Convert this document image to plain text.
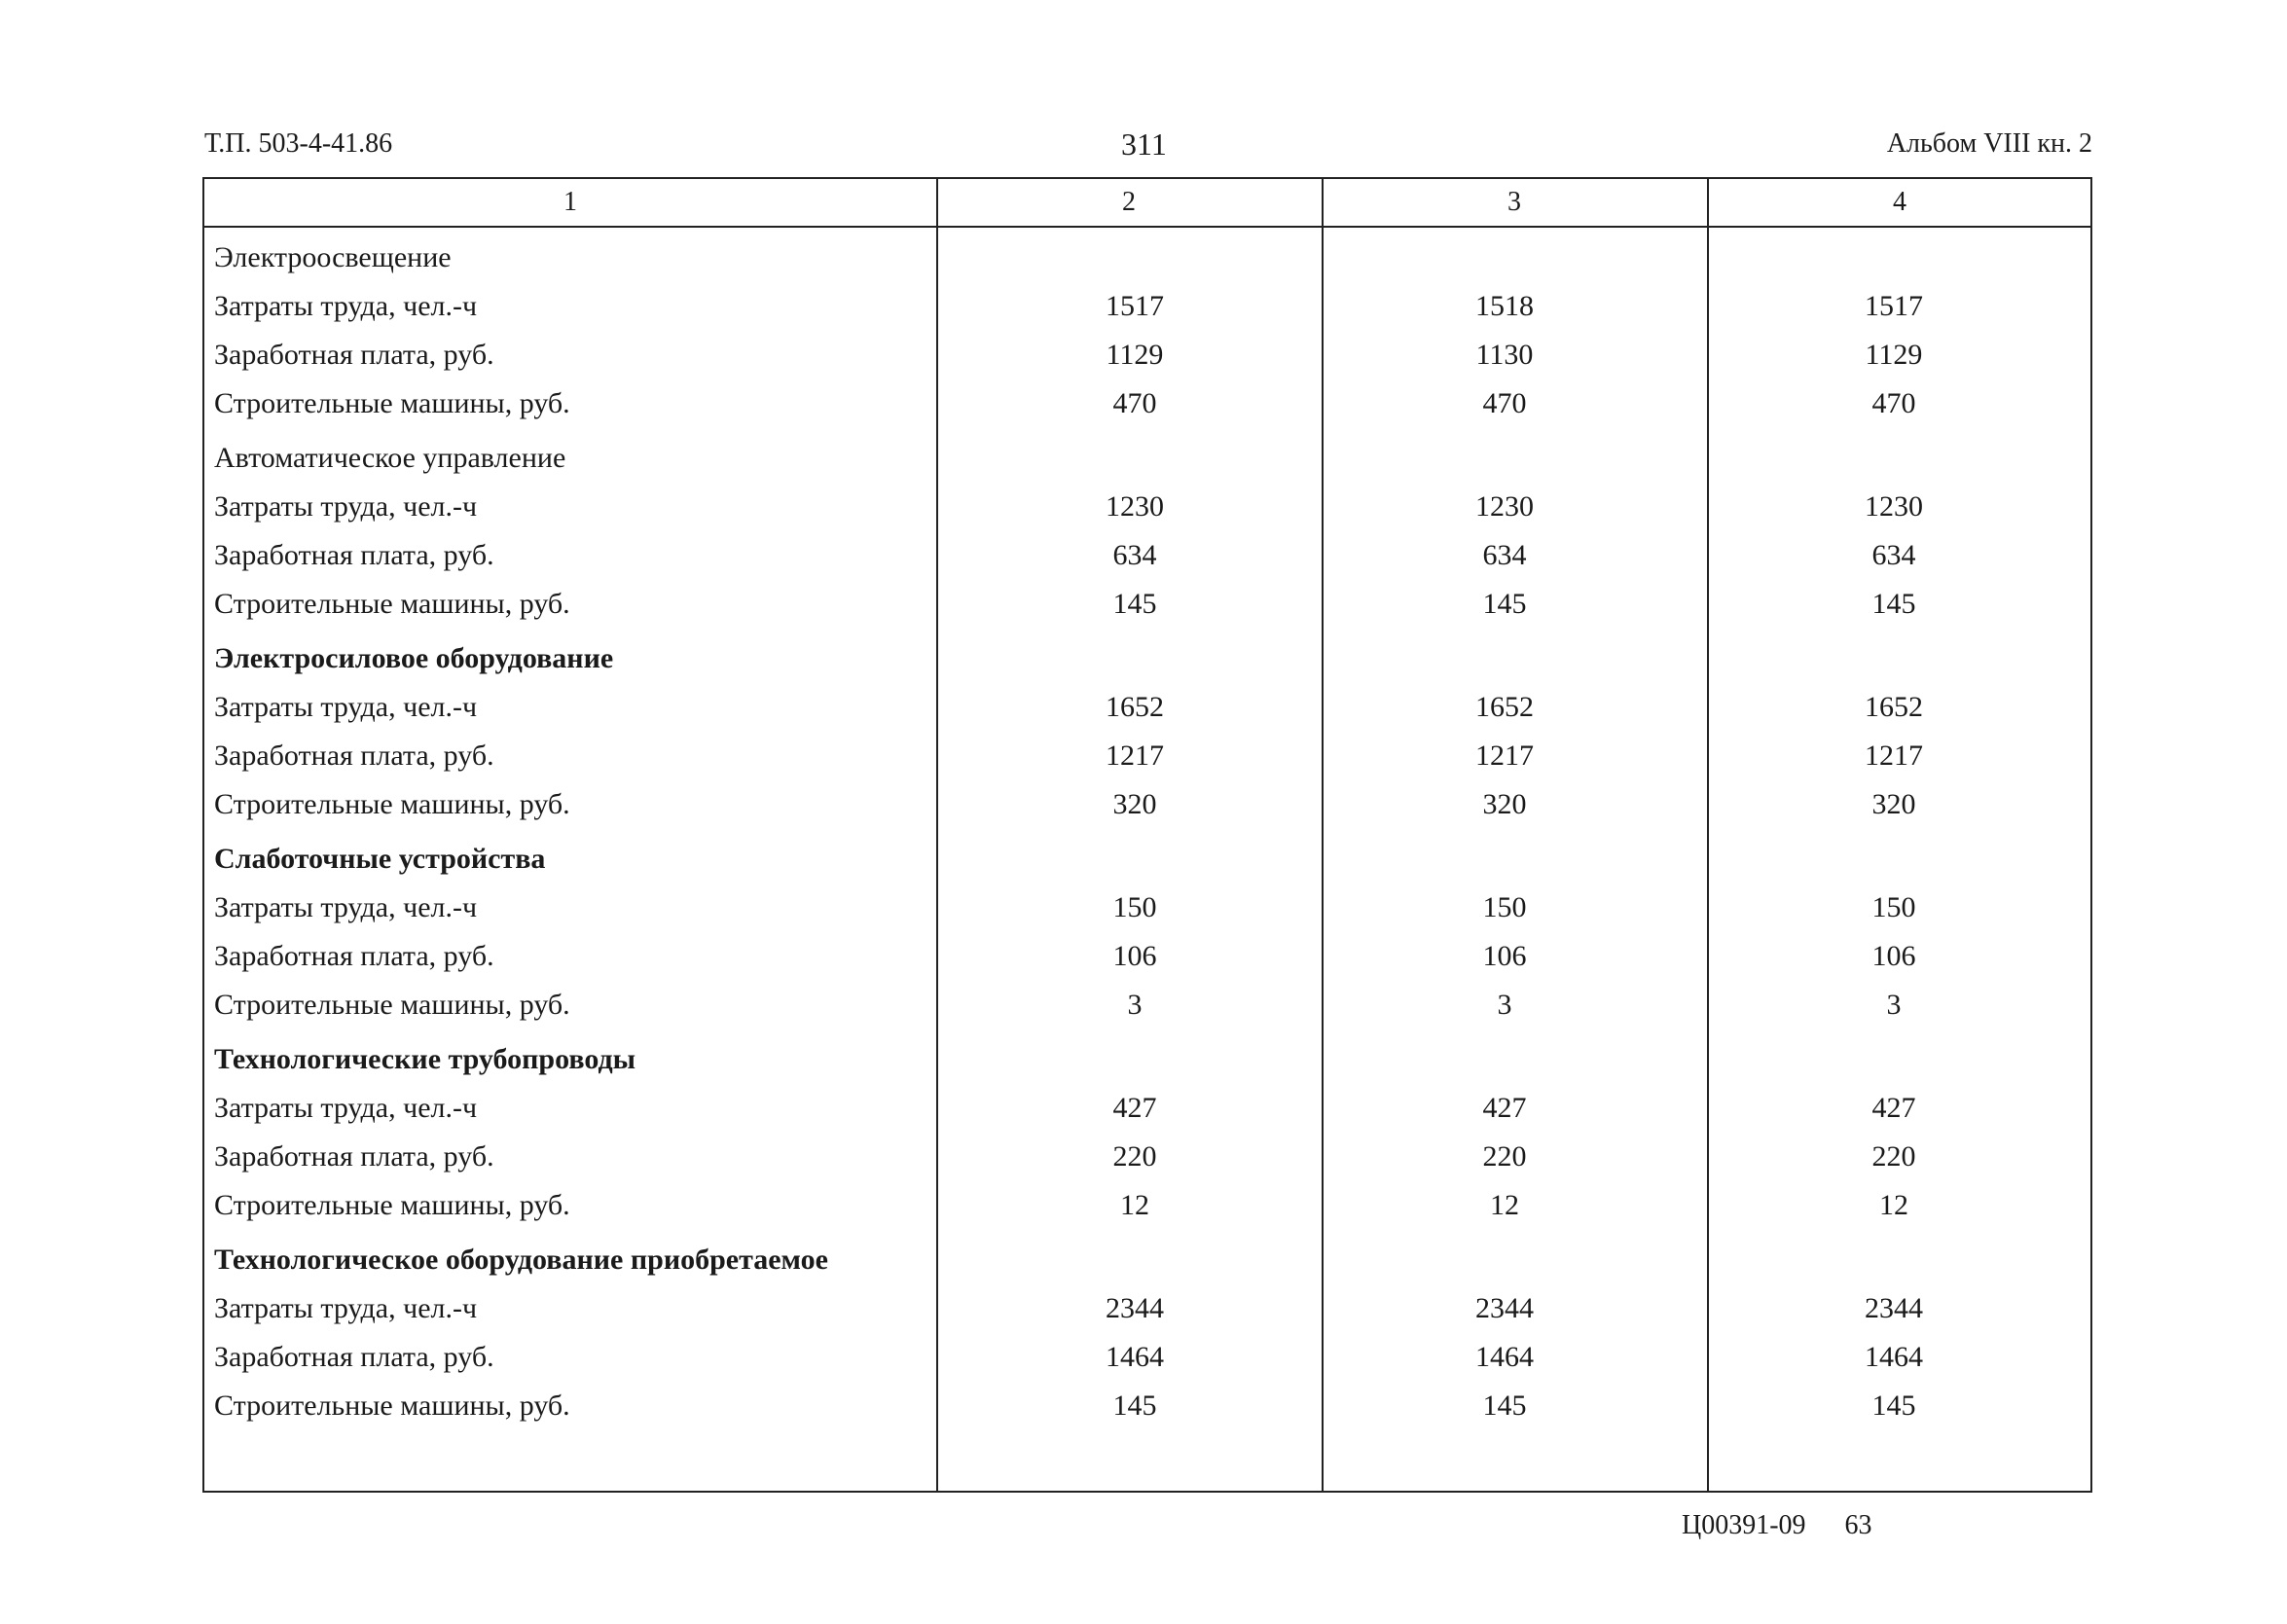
Т.П. 503-4-41.86	311	Альбом VIII кн. 2
1	2	3	4
Электроосвещение
Затраты труда, чел.-ч	1517	1518	1517
Заработная плата, руб.	1129	1130	1129
Строительные машины, руб.	470	470	470
Автоматическое управление
Затраты труда, чел.-ч	1230	1230	1230
Заработная плата, руб.	634	634	634
Строительные машины, руб.	145	145	145
Электросиловое оборудование
Затраты труда, чел.-ч	1652	1652	1652
Заработная плата, руб.	1217	1217	1217
Строительные машины, руб.	320	320	320
Слаботочные устройства
Затраты труда, чел.-ч	150	150	150
Заработная плата, руб.	106	106	106
Строительные машины, руб.	3	3	3
Технологические трубопроводы
Затраты труда, чел.-ч	427	427	427
Заработная плата, руб.	220	220	220
Строительные машины, руб.	12	12	12
Технологическое оборудование приобретаемое
Затраты труда, чел.-ч	2344	2344	2344
Заработная плата, руб.	1464	1464	1464
Строительные машины, руб.	145	145	145
Ц00391-09 63
